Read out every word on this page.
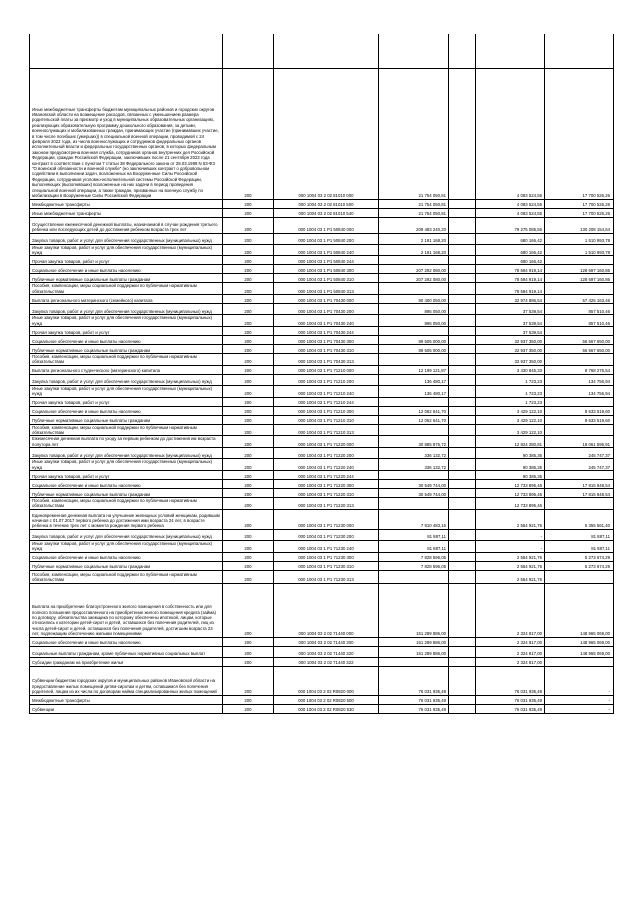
Иные межбюджетные трансферты бюджетам муниципальных районов и городских округов Ивановской области на возмещение расходов, связанных с уменьшением размера родительской платы за присмотр и уход в муниципальных образовательных организациях, реализующих образовательную программу дошкольного образования, за детьми, военнослужащих и мобилизованных граждан, принимающих участие (принимавших участие, в том числе погибших (умерших)) в специальной военной операции, проводимой с 24 февраля 2022 года, из числа военнослужащих и сотрудников федеральных органов исполнительной власти и федеральных государственных органов, в которых федеральным законом предусмотрена военная служба, сотрудников органов внутренних дел Российской Федерации, граждан Российской Федерации, заключивших после 21 сентября 2022 года контракт в соответствии с пунктом 7 статьи 38 Федерального закона от 28.03.1998 N 53-ФЗ "О воинской обязанности и военной службе" (но заключивших контракт о добровольном содействии в выполнении задач, возложенных на Вооруженные Силы Российской Федерации, сотрудников уголовно-исполнительной системы Российской Федерации, выполняющих (выполнявших) возложенные на них задачи в период проведения специальной военной операции, а также граждан, призванных на военную службу по мобилизации в Вооруженные Силы Российской Федерации	200	000 1004 03 2 02 81010 000	21 754 050,81		4 083 524,55	17 700 526,26
Межбюджетные трансферты	200	000 1004 03 2 02 81010 500	21 754 050,81		4 083 524,55	17 700 526,26
Иные межбюджетные трансферты	200	000 1004 03 2 02 81010 540	21 754 050,81		4 083 524,55	17 700 526,26
Осуществление ежемесячной денежной выплаты, назначаемой в случае рождения третьего ребенка или последующих детей до достижения ребенком возраста трех лет	200	000 1004 03 1 P1 50840 000	209 483 240,20		79 275 085,56	130 208 154,64
Закупка товаров, работ и услуг для обеспечения государственных (муниципальных) нужд	200	000 1004 03 1 P1 50840 200	2 191 168,20		680 166,42	1 510 993,78
Иные закупки товаров, работ и услуг для обеспечения государственных (муниципальных) нужд	200	000 1004 03 1 P1 50840 240	2 191 168,20		680 166,42	1 510 993,78
Прочая закупка товаров, работ и услуг	200	000 1004 03 1 P1 50840 244			680 166,42	
Социальное обеспечение и иные выплаты населению	200	000 1004 03 1 P1 50840 300	207 292 080,00		78 594 919,14	128 697 160,86
Публичные нормативные социальные выплаты гражданам	200	000 1004 03 1 P1 50840 310	207 292 080,00		78 594 919,14	128 697 160,86
Пособия, компенсации, меры социальной поддержки по публичным нормативным обязательствам	200	000 1004 03 1 P1 50840 313			78 594 919,14	
Выплата регионального материнского (семейного) капитала	200	000 1004 03 1 P1 70430 000	90 400 050,00		32 974 886,54	57 425 163,46
Закупка товаров, работ и услуг для обеспечения государственных (муниципальных) нужд	200	000 1004 03 1 P1 70430 200	895 050,00		37 539,54	857 510,46
Иные закупки товаров, работ и услуг для обеспечения государственных (муниципальных) нужд	200	000 1004 03 1 P1 70430 240	895 050,00		37 539,54	857 510,46
Прочая закупка товаров, работ и услуг	200	000 1004 03 1 P1 70430 244			37 539,54	
Социальное обеспечение и иные выплаты населению	200	000 1004 03 1 P1 70430 300	89 505 000,00		32 937 350,00	56 567 650,00
Публичные нормативные социальные выплаты гражданам	200	000 1004 03 1 P1 70430 310	89 505 000,00		32 937 350,00	56 567 650,00
Пособия, компенсации, меры социальной поддержки по публичным нормативным обязательствам	200	000 1004 03 1 P1 70430 313			32 937 350,00	
Выплата регионального студенческого (материнского) капитала	200	000 1004 03 1 P1 71210 000	12 199 121,87		3 430 845,33	8 768 276,54
Закупка товаров, работ и услуг для обеспечения государственных (муниципальных) нужд	200	000 1004 03 1 P1 71210 200	136 480,17		1 723,23	134 756,94
Иные закупки товаров, работ и услуг для обеспечения государственных (муниципальных) нужд	200	000 1004 03 1 P1 71210 240	136 480,17		1 723,23	134 756,94
Прочая закупка товаров, работ и услуг	200	000 1004 03 1 P1 71210 244			1 723,23	
Социальное обеспечение и иные выплаты населению	200	000 1004 03 1 P1 71210 300	12 062 641,70		3 429 122,10	8 633 519,60
Публичные нормативные социальные выплаты гражданам	200	000 1004 03 1 P1 71210 310	12 062 641,70		3 429 122,10	8 633 519,60
Пособия, компенсации, меры социальной поддержки по публичным нормативным обязательствам	200	000 1004 03 1 P1 71210 313			3 429 122,10	
Ежемесячная денежная выплата по уходу за первым ребенком до достижения им возраста полутора лет	200	000 1004 03 1 P1 71220 000	30 885 876,72		12 824 280,81	18 061 595,91
Закупка товаров, работ и услуг для обеспечения государственных (муниципальных) нужд	200	000 1004 03 1 P1 71220 200	336 132,72		90 385,35	245 747,37
Иные закупки товаров, работ и услуг для обеспечения государственных (муниципальных) нужд	200	000 1004 03 1 P1 71220 240	336 132,72		90 385,35	245 747,37
Прочая закупка товаров, работ и услуг	200	000 1004 03 1 P1 71220 244			90 385,35	
Социальное обеспечение и иные выплаты населению	200	000 1004 03 1 P1 71220 300	30 549 744,00		12 733 895,46	17 815 848,54
Публичные нормативные социальные выплаты гражданам	200	000 1004 03 1 P1 71220 310	30 549 744,00		12 733 895,46	17 815 848,54
Пособия, компенсации, меры социальной поддержки по публичным нормативным обязательствам	200	000 1004 03 1 P1 71220 313			12 733 895,46	
Единовременная денежная выплата на улучшение жилищных условий женщинам, родившим начиная с 01.07.2017 первого ребенка до достижения ими возраста 24 лет, в возрасте ребенка в течение трех лет с момента рождения первого ребенка	200	000 1004 03 1 P1 71230 000	7 910 483,16		2 554 921,76	5 355 561,40
Закупка товаров, работ и услуг для обеспечения государственных (муниципальных) нужд	200	000 1004 03 1 P1 71230 200	81 887,11		-	81 887,11
Иные закупки товаров, работ и услуг для обеспечения государственных (муниципальных) нужд	200	000 1004 03 1 P1 71230 240	81 887,11		-	81 887,11
Социальное обеспечение и иные выплаты населению	200	000 1004 03 1 P1 71230 300	7 828 596,05		2 554 921,76	5 273 674,29
Публичные нормативные социальные выплаты гражданам	200	000 1004 03 1 P1 71230 310	7 828 596,05		2 554 921,76	5 273 674,29
Пособия, компенсации, меры социальной поддержки по публичным нормативным обязательствам	200	000 1004 03 1 P1 71230 313			2 554 921,76	
Выплата на приобретение благоустроенного жилого помещения в собственность или для полного погашения предоставленного на приобретение жилого помещения кредита (займа) по договору, обязательства заемщика по которому обеспечены ипотекой, лицам, которые относились к категории детей-сирот и детей, оставшихся без попечения родителей, лиц из числа детей-сирот и детей, оставшихся без попечения родителей, достигшим возраста 23 лет, подлежащим обеспечению жилыми помещениями	200	000 1004 03 2 02 71440 000	151 289 886,00		2 324 817,00	148 965 069,00
Социальное обеспечение и иные выплаты населению	200	000 1004 03 2 02 71440 300	151 289 886,00		2 324 817,00	148 965 069,00
Социальные выплаты гражданам, кроме публичных нормативных социальных выплат	200	000 1004 03 2 02 71440 320	151 289 886,00		2 324 817,00	148 965 069,00
Субсидии гражданам на приобретение жилья	200	000 1004 03 2 02 71440 322			2 324 817,00	
Субвенции бюджетам городских округов и муниципальных районов Ивановской области на предоставление жилых помещений детям-сиротам и детям, оставшимся без попечения родителей, лицам из их числа по договорам найма специализированных жилых помещений	200	000 1004 03 2 02 R0820 000	76 031 935,49		76 031 935,49	-
Межбюджетные трансферты	200	000 1004 03 2 02 R0820 500	76 031 935,49		76 031 935,49	-
Субвенции	200	000 1004 03 2 02 R0820 530	76 031 935,49		76 031 935,49	-
